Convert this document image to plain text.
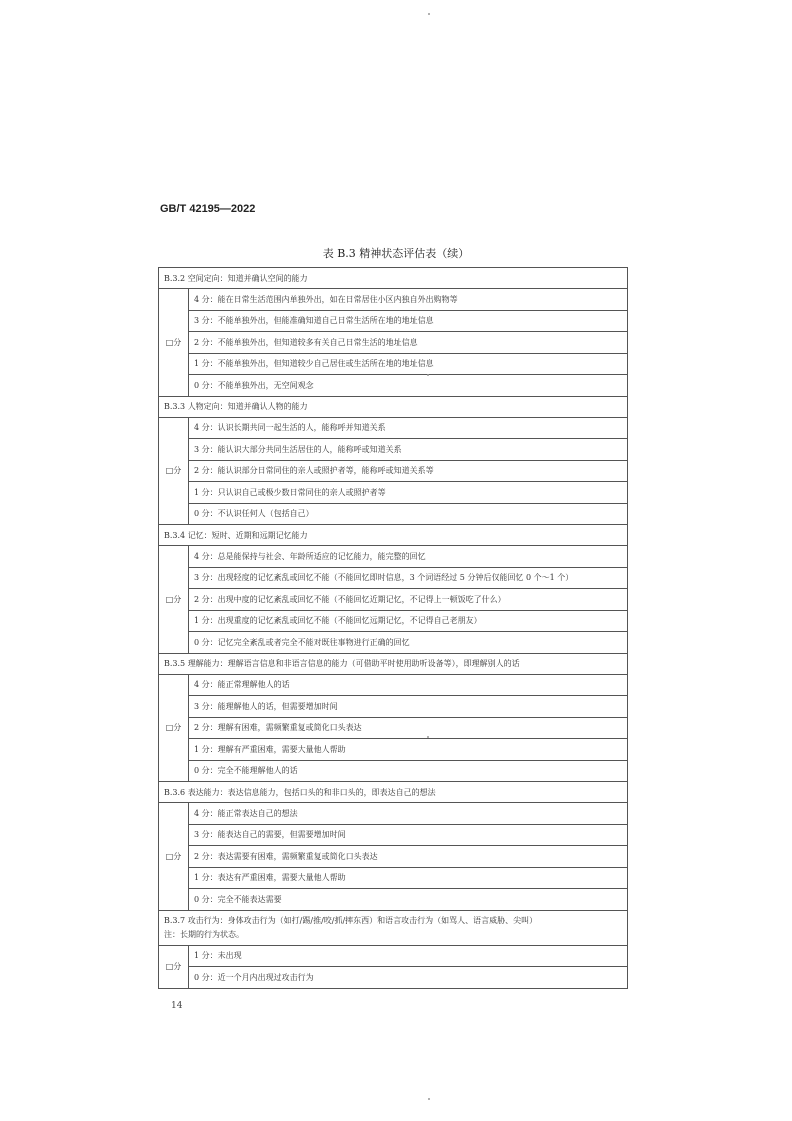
GB/T 42195—2022
表 B.3 精神状态评估表（续）
B.3.2 空间定向：知道并确认空间的能力	
□分	4 分：能在日常生活范围内单独外出，如在日常居住小区内独自外出购物等
	3 分：不能单独外出，但能准确知道自己日常生活所在地的地址信息
	2 分：不能单独外出，但知道较多有关自己日常生活的地址信息
	1 分：不能单独外出，但知道较少自己居住或生活所在地的地址信息
	0 分：不能单独外出，无空间观念
B.3.3 人物定向：知道并确认人物的能力	
□分	4 分：认识长期共同一起生活的人，能称呼并知道关系
	3 分：能认识大部分共同生活居住的人，能称呼或知道关系
	2 分：能认识部分日常同住的亲人或照护者等，能称呼或知道关系等
	1 分：只认识自己或极少数日常同住的亲人或照护者等
	0 分：不认识任何人（包括自己）
B.3.4 记忆：短时、近期和远期记忆能力	
□分	4 分：总是能保持与社会、年龄所适应的记忆能力，能完整的回忆
	3 分：出现轻度的记忆紊乱或回忆不能（不能回忆即时信息，3 个词语经过 5 分钟后仅能回忆 0 个～1 个）
	2 分：出现中度的记忆紊乱或回忆不能（不能回忆近期记忆，不记得上一顿饭吃了什么）
	1 分：出现重度的记忆紊乱或回忆不能（不能回忆远期记忆，不记得自己老朋友）
	0 分：记忆完全紊乱或者完全不能对既往事物进行正确的回忆
B.3.5 理解能力：理解语言信息和非语言信息的能力（可借助平时使用助听设备等），即理解别人的话	
□分	4 分：能正常理解他人的话
	3 分：能理解他人的话，但需要增加时间
	2 分：理解有困难，需频繁重复或简化口头表达
	1 分：理解有严重困难，需要大量他人帮助
	0 分：完全不能理解他人的话
B.3.6 表达能力：表达信息能力，包括口头的和非口头的，即表达自己的想法	
□分	4 分：能正常表达自己的想法
	3 分：能表达自己的需要，但需要增加时间
	2 分：表达需要有困难，需频繁重复或简化口头表达
	1 分：表达有严重困难，需要大量他人帮助
	0 分：完全不能表达需要

B.3.7 攻击行为：身体攻击行为（如打/踢/推/咬/抓/摔东西）和语言攻击行为（如骂人、语言威胁、尖叫）
注：长期的行为状态。	

□分	1 分：未出现
	0 分：近一个月内出现过攻击行为
14
